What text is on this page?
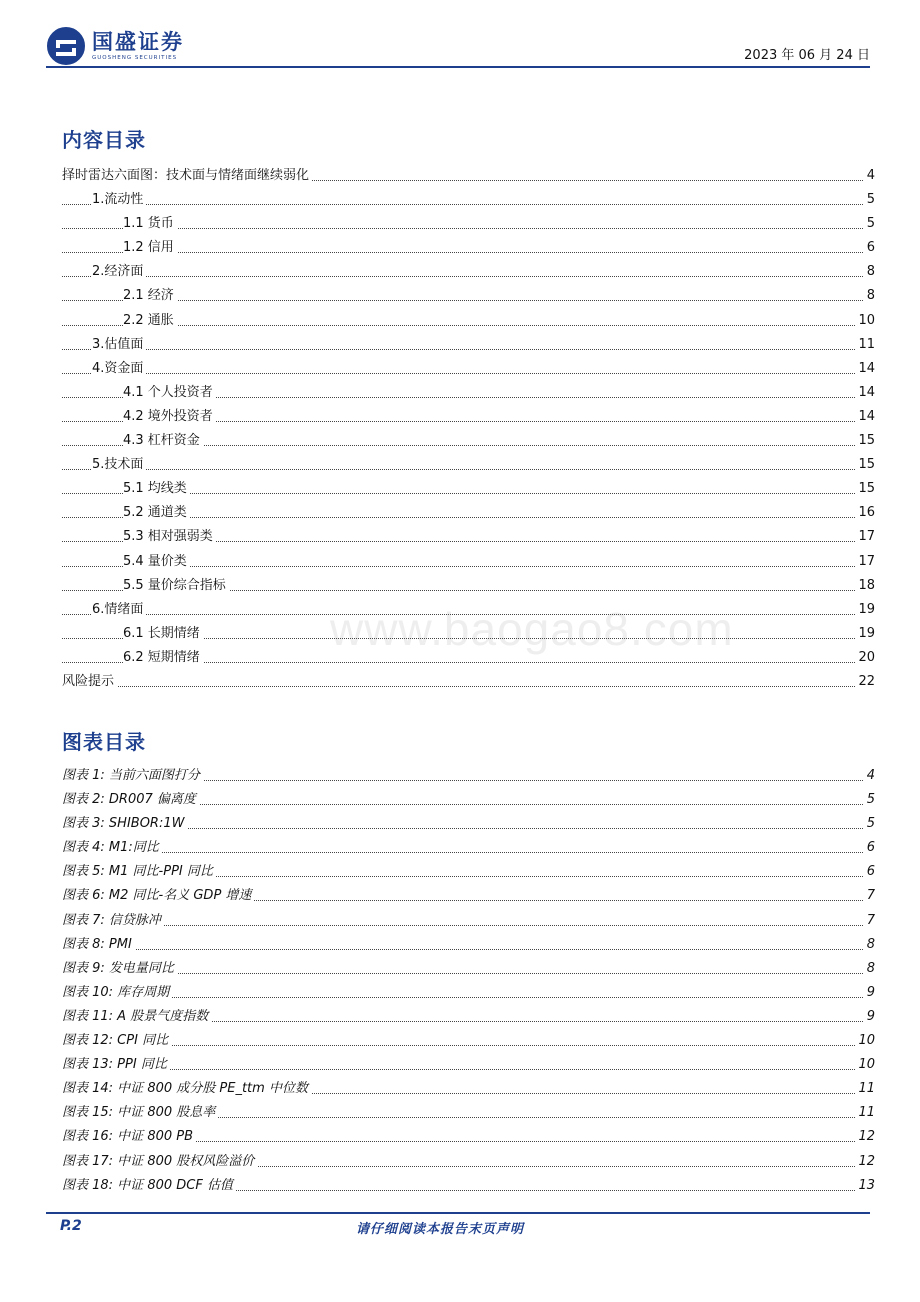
国盛证券
GUOSHENG SECURITIES	2023 年 06 月 24 日
内容目录
择时雷达六面图：技术面与情绪面继续弱化	4
1.流动性	5
1.1 货币	5
1.2 信用	6
2.经济面	8
2.1 经济	8
2.2 通胀	10
3.估值面	11
4.资金面	14
4.1 个人投资者	14
4.2 境外投资者	14
4.3 杠杆资金	15
5.技术面	15
5.1 均线类	15
5.2 通道类	16
5.3 相对强弱类	17
5.4 量价类	17
5.5 量价综合指标	18
6.情绪面	19
6.1 长期情绪	19
6.2 短期情绪	20
风险提示	22
图表目录
图表 1: 当前六面图打分	4
图表 2: DR007 偏离度	5
图表 3: SHIBOR:1W	5
图表 4: M1:同比	6
图表 5: M1 同比-PPI 同比	6
图表 6: M2 同比-名义 GDP 增速	7
图表 7: 信贷脉冲	7
图表 8: PMI	8
图表 9: 发电量同比	8
图表 10: 库存周期	9
图表 11: A 股景气度指数	9
图表 12: CPI 同比	10
图表 13: PPI 同比	10
图表 14: 中证 800 成分股 PE_ttm 中位数	11
图表 15: 中证 800 股息率	11
图表 16: 中证 800 PB	12
图表 17: 中证 800 股权风险溢价	12
图表 18: 中证 800 DCF 估值	13
www.baogao8.com
P.2	请仔细阅读本报告末页声明
